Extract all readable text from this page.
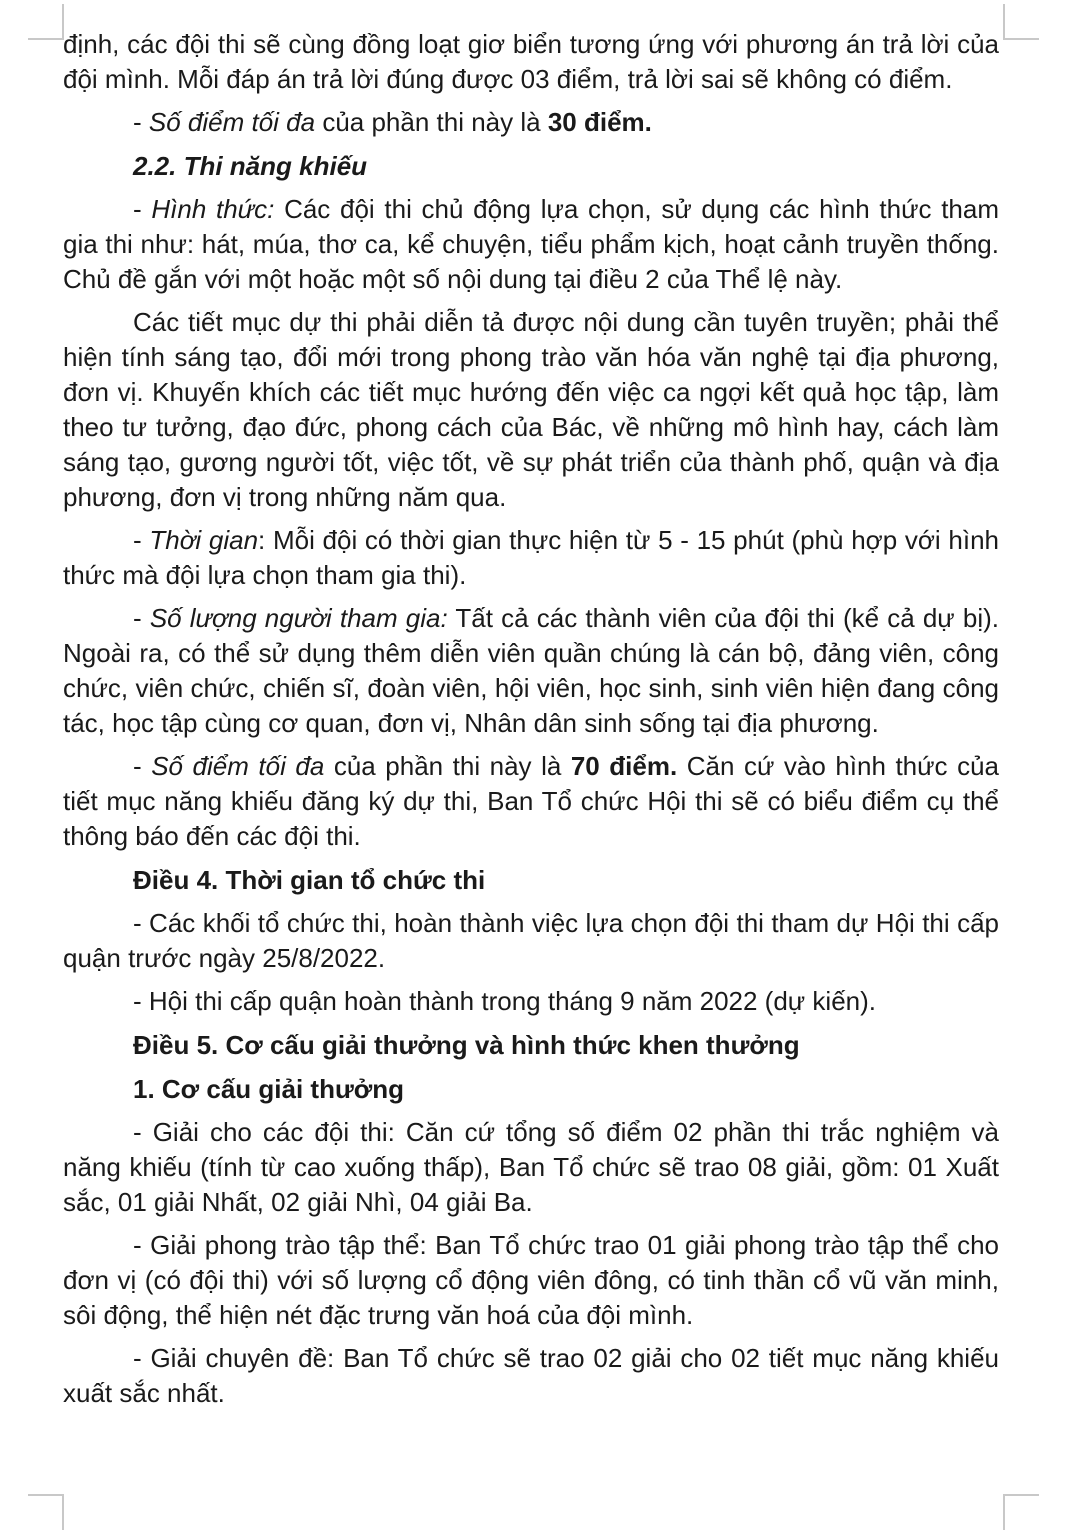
định, các đội thi sẽ cùng đồng loạt giơ biển tương ứng với phương án trả lời của đội mình. Mỗi đáp án trả lời đúng được 03 điểm, trả lời sai sẽ không có điểm.

- Số điểm tối đa của phần thi này là 30 điểm.

2.2. Thi năng khiếu

- Hình thức: Các đội thi chủ động lựa chọn, sử dụng các hình thức tham gia thi như: hát, múa, thơ ca, kể chuyện, tiểu phẩm kịch, hoạt cảnh truyền thống. Chủ đề gắn với một hoặc một số nội dung tại điều 2 của Thể lệ này.

Các tiết mục dự thi phải diễn tả được nội dung cần tuyên truyền; phải thể hiện tính sáng tạo, đổi mới trong phong trào văn hóa văn nghệ tại địa phương, đơn vị. Khuyến khích các tiết mục hướng đến việc ca ngợi kết quả học tập, làm theo tư tưởng, đạo đức, phong cách của Bác, về những mô hình hay, cách làm sáng tạo, gương người tốt, việc tốt, về sự phát triển của thành phố, quận và địa phương, đơn vị trong những năm qua.

- Thời gian: Mỗi đội có thời gian thực hiện từ 5 - 15 phút (phù hợp với hình thức mà đội lựa chọn tham gia thi).

- Số lượng người tham gia: Tất cả các thành viên của đội thi (kể cả dự bị). Ngoài ra, có thể sử dụng thêm diễn viên quần chúng là cán bộ, đảng viên, công chức, viên chức, chiến sĩ, đoàn viên, hội viên, học sinh, sinh viên hiện đang công tác, học tập cùng cơ quan, đơn vị, Nhân dân sinh sống tại địa phương.

- Số điểm tối đa của phần thi này là 70 điểm. Căn cứ vào hình thức của tiết mục năng khiếu đăng ký dự thi, Ban Tổ chức Hội thi sẽ có biểu điểm cụ thể thông báo đến các đội thi.

Điều 4. Thời gian tổ chức thi

- Các khối tổ chức thi, hoàn thành việc lựa chọn đội thi tham dự Hội thi cấp quận trước ngày 25/8/2022.

- Hội thi cấp quận hoàn thành trong tháng 9 năm 2022 (dự kiến).

Điều 5. Cơ cấu giải thưởng và hình thức khen thưởng
1. Cơ cấu giải thưởng

- Giải cho các đội thi: Căn cứ tổng số điểm 02 phần thi trắc nghiệm và năng khiếu (tính từ cao xuống thấp), Ban Tổ chức sẽ trao 08 giải, gồm: 01 Xuất sắc, 01 giải Nhất, 02 giải Nhì, 04 giải Ba.

- Giải phong trào tập thể: Ban Tổ chức trao 01 giải phong trào tập thể cho đơn vị (có đội thi) với số lượng cổ động viên đông, có tinh thần cổ vũ văn minh, sôi động, thể hiện nét đặc trưng văn hoá của đội mình.

- Giải chuyên đề: Ban Tổ chức sẽ trao 02 giải cho 02 tiết mục năng khiếu xuất sắc nhất.
